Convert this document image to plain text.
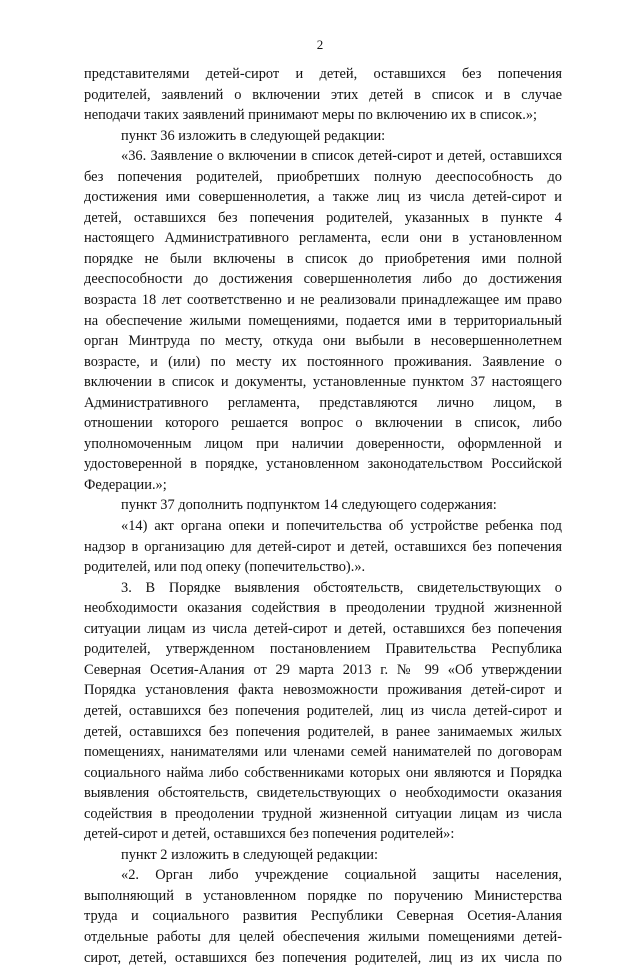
2
представителями детей-сирот и детей, оставшихся без попечения
родителей, заявлений о включении этих детей в список и в случае
неподачи таких заявлений принимают меры по включению их в список.»;
пункт 36 изложить в следующей редакции:
«36. Заявление о включении в список детей-сирот и детей, оставшихся
без попечения родителей, приобретших полную дееспособность до
достижения ими совершеннолетия, а также лиц из числа детей-сирот и
детей, оставшихся без попечения родителей, указанных в пункте 4
настоящего Административного регламента, если они в установленном
порядке не были включены в список до приобретения ими полной
дееспособности до достижения совершеннолетия либо до достижения
возраста 18 лет соответственно и не реализовали принадлежащее им право
на обеспечение жилыми помещениями, подается ими в территориальный
орган Минтруда по месту, откуда они выбыли в несовершеннолетнем
возрасте, и (или) по месту их постоянного проживания. Заявление о
включении в список и документы, установленные пунктом 37 настоящего
Административного регламента, представляются лично лицом, в
отношении которого решается вопрос о включении в список, либо
уполномоченным лицом при наличии доверенности, оформленной и
удостоверенной в порядке, установленном законодательством Российской
Федерации.»;
пункт 37 дополнить подпунктом 14 следующего содержания:
«14) акт органа опеки и попечительства об устройстве ребенка под
надзор в организацию для детей-сирот и детей, оставшихся без попечения
родителей, или под опеку (попечительство).».
3. В Порядке выявления обстоятельств, свидетельствующих о
необходимости оказания содействия в преодолении трудной жизненной
ситуации лицам из числа детей-сирот и детей, оставшихся без попечения
родителей, утвержденном постановлением Правительства Республика
Северная Осетия-Алания от 29 марта 2013 г. № 99 «Об утверждении
Порядка установления факта невозможности проживания детей-сирот и
детей, оставшихся без попечения родителей, лиц из числа детей-сирот и
детей, оставшихся без попечения родителей, в ранее занимаемых жилых
помещениях, нанимателями или членами семей нанимателей по договорам
социального найма либо собственниками которых они являются и Порядка
выявления обстоятельств, свидетельствующих о необходимости оказания
содействия в преодолении трудной жизненной ситуации лицам из числа
детей-сирот и детей, оставшихся без попечения родителей»:
пункт 2 изложить в следующей редакции:
«2. Орган либо учреждение социальной защиты населения,
выполняющий в установленном порядке по поручению Министерства
труда и социального развития Республики Северная Осетия-Алания
отдельные работы для целей обеспечения жилыми помещениями детей-
сирот, детей, оставшихся без попечения родителей, лиц из их числа по
